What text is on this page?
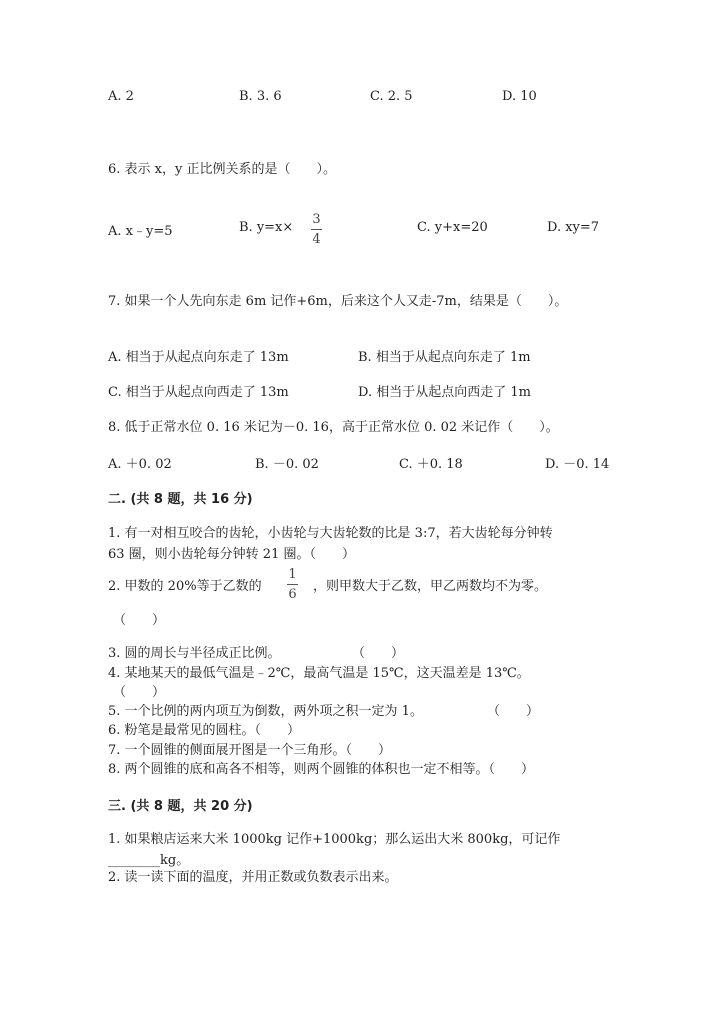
A. 2	B. 3. 6	C. 2. 5	D. 10
6. 表示 x，y 正比例关系的是（　　）。
A. x﹣y=5	B. y=x×
3
4
C. y+x=20	D. xy=7
7. 如果一个人先向东走 6m 记作+6m，后来这个人又走-7m，结果是（　　）。
A. 相当于从起点向东走了 13m	B. 相当于从起点向东走了 1m
C. 相当于从起点向西走了 13m	D. 相当于从起点向西走了 1m
8. 低于正常水位 0. 16 米记为－0. 16，高于正常水位 0. 02 米记作（　　）。
A. ＋0. 02	B. －0. 02	C. ＋0. 18	D. －0. 14
二. (共 8 题，共 16 分)
1. 有一对相互咬合的齿轮，小齿轮与大齿轮数的比是 3:7，若大齿轮每分钟转
63 圈，则小齿轮每分钟转 21 圈。（　　）
2. 甲数的 20%等于乙数的
1
6
，则甲数大于乙数，甲乙两数均不为零。
（　　）
3. 圆的周长与半径成正比例。	（　　）
4. 某地某天的最低气温是﹣2℃，最高气温是 15℃，这天温差是 13℃。
（　　）
5. 一个比例的两内项互为倒数，两外项之积一定为 1。	（　　）
6. 粉笔是最常见的圆柱。（　　）
7. 一个圆锥的侧面展开图是一个三角形。（　　）
8. 两个圆锥的底和高各不相等，则两个圆锥的体积也一定不相等。（　　）
三. (共 8 题，共 20 分)
1. 如果粮店运来大米 1000kg 记作+1000kg；那么运出大米 800kg，可记作
________kg。
2. 读一读下面的温度，并用正数或负数表示出来。
